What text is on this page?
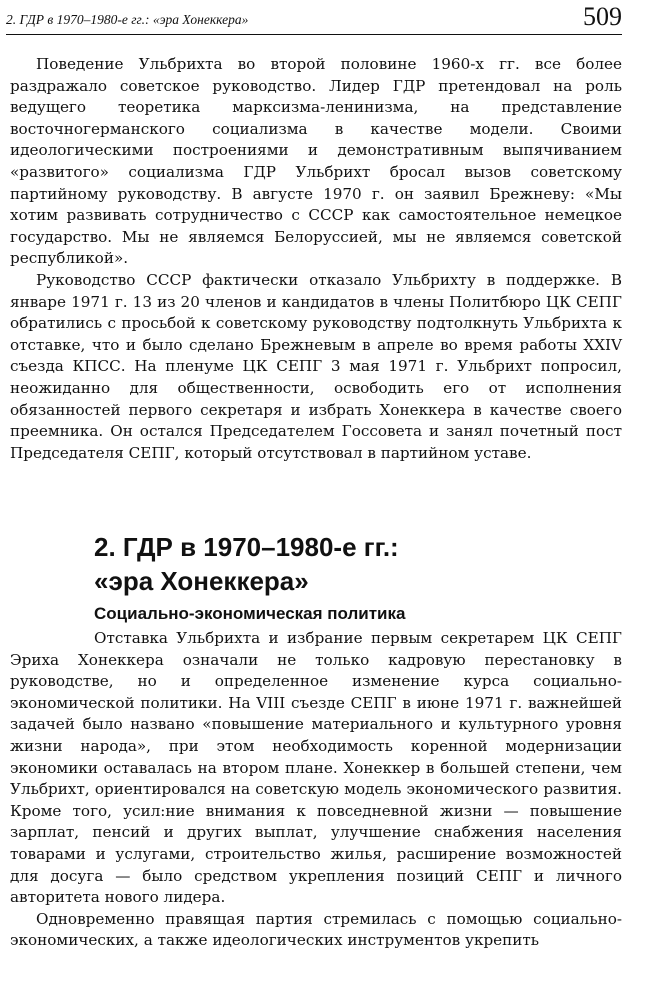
2. ГДР в 1970–1980-е гг.: «эра Хонеккера»	509

Поведение Ульбрихта во второй половине 1960-х гг. все более раздражало советское руководство. Лидер ГДР претендовал на роль ведущего теоретика марксизма-ленинизма, на представление восточногерманского социализма в качестве модели. Своими идеологическими построениями и демонстративным выпячиванием «развитого» социализма ГДР Ульбрихт бросал вызов советскому партийному руководству. В августе 1970 г. он заявил Брежневу: «Мы хотим развивать сотрудничество с СССР как самостоятельное немецкое государство. Мы не являемся Белоруссией, мы не являемся советской республикой».

Руководство СССР фактически отказало Ульбрихту в поддержке. В январе 1971 г. 13 из 20 членов и кандидатов в члены Политбюро ЦК СЕПГ обратились с просьбой к советскому руководству подтолкнуть Ульбрихта к отставке, что и было сделано Брежневым в апреле во время работы XXIV съезда КПСС. На пленуме ЦК СЕПГ 3 мая 1971 г. Ульбрихт попросил, неожиданно для общественности, освободить его от исполнения обязанностей первого секретаря и избрать Хонеккера в качестве своего преемника. Он остался Председателем Госсовета и занял почетный пост Председателя СЕПГ, который отсутствовал в партийном уставе.

2. ГДР в 1970–1980-е гг.:
«эра Хонеккера»
Социально-экономическая политика

Отставка Ульбрихта и избрание первым секретарем ЦК СЕПГ Эриха Хонеккера означали не только кадровую перестановку в руководстве, но и определенное изменение курса социально-экономической политики. На VIII съезде СЕПГ в июне 1971 г. важнейшей задачей было названо «повышение материального и культурного уровня жизни народа», при этом необходимость коренной модернизации экономики оставалась на втором плане. Хонеккер в большей степени, чем Ульбрихт, ориентировался на советскую модель экономического развития. Кроме того, усил:ние внимания к повседневной жизни — повышение зарплат, пенсий и других выплат, улучшение снабжения населения товарами и услугами, строительство жилья, расширение возможностей для досуга — было средством укрепления позиций СЕПГ и личного авторитета нового лидера.

Одновременно правящая партия стремилась с помощью социально-экономических, а также идеологических инструментов укрепить
